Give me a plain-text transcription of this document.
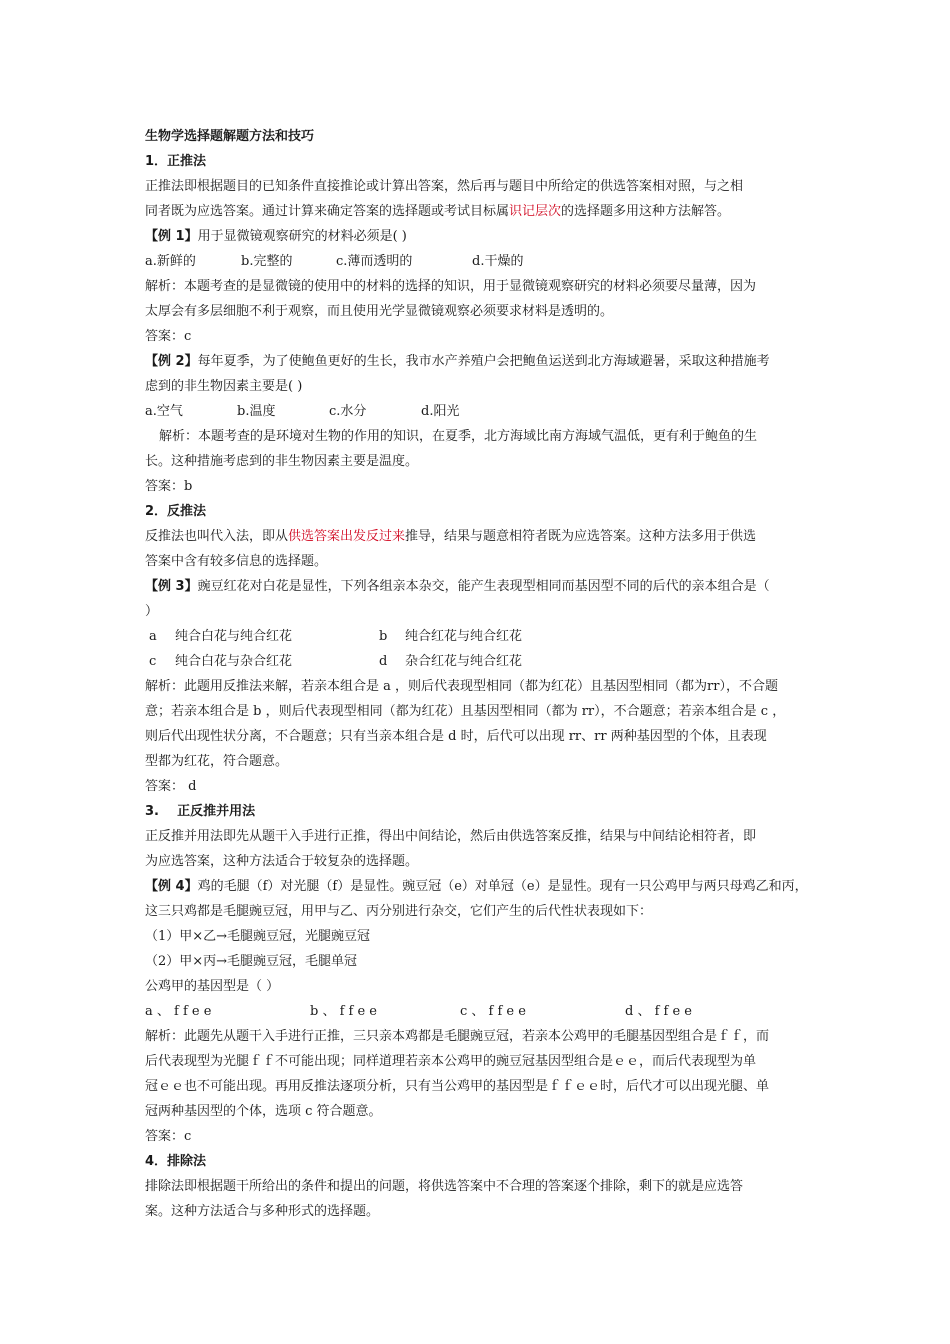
生物学选择题解题方法和技巧
1．正推法
正推法即根据题目的已知条件直接推论或计算出答案，然后再与题目中所给定的供选答案相对照，与之相
同者既为应选答案。通过计算来确定答案的选择题或考试目标属识记层次的选择题多用这种方法解答。
【例 1】用于显微镜观察研究的材料必须是( )
a.新鲜的	b.完整的	c.薄而透明的	d.干燥的
解析：本题考查的是显微镜的使用中的材料的选择的知识，用于显微镜观察研究的材料必须要尽量薄，因为
太厚会有多层细胞不利于观察，而且使用光学显微镜观察必须要求材料是透明的。
答案：c
【例 2】每年夏季，为了使鲍鱼更好的生长，我市水产养殖户会把鲍鱼运送到北方海域避暑，采取这种措施考
虑到的非生物因素主要是( )
a.空气	b.温度	c.水分	d.阳光
解析：本题考查的是环境对生物的作用的知识，在夏季，北方海域比南方海域气温低，更有利于鲍鱼的生
长。这种措施考虑到的非生物因素主要是温度。
答案：b
2．反推法
反推法也叫代入法，即从供选答案出发反过来推导，结果与题意相符者既为应选答案。这种方法多用于供选
答案中含有较多信息的选择题。
【例 3】豌豆红花对白花是显性，下列各组亲本杂交，能产生表现型相同而基因型不同的后代的亲本组合是（
）
a 纯合白花与纯合红花	b 纯合红花与纯合红花
c 纯合白花与杂合红花	d 杂合红花与纯合红花
解析：此题用反推法来解，若亲本组合是 a ，则后代表现型相同（都为红花）且基因型相同（都为rr），不合题
意；若亲本组合是 b ，则后代表现型相同（都为红花）且基因型相同（都为 rr），不合题意；若亲本组合是 c ，
则后代出现性状分离，不合题意；只有当亲本组合是 d 时，后代可以出现 rr、rr 两种基因型的个体，且表现
型都为红花，符合题意。
答案： d
3.    正反推并用法
正反推并用法即先从题干入手进行正推，得出中间结论，然后由供选答案反推，结果与中间结论相符者，即
为应选答案，这种方法适合于较复杂的选择题。
【例 4】鸡的毛腿（f）对光腿（f）是显性。豌豆冠（e）对单冠（e）是显性。现有一只公鸡甲与两只母鸡乙和丙，
这三只鸡都是毛腿豌豆冠，用甲与乙、丙分别进行杂交，它们产生的后代性状表现如下：
（1）甲×乙→毛腿豌豆冠，光腿豌豆冠
（2）甲×丙→毛腿豌豆冠，毛腿单冠
公鸡甲的基因型是（ ）
a 、 f f e e	b 、 f f e e	c 、 f f e e	d 、 f f e e
解析：此题先从题干入手进行正推，三只亲本鸡都是毛腿豌豆冠，若亲本公鸡甲的毛腿基因型组合是ｆｆ，而
后代表现型为光腿ｆｆ不可能出现；同样道理若亲本公鸡甲的豌豆冠基因型组合是ｅｅ，而后代表现型为单
冠ｅｅ也不可能出现。再用反推法逐项分析，只有当公鸡甲的基因型是ｆｆｅｅ时，后代才可以出现光腿、单
冠两种基因型的个体，选项 c 符合题意。
答案：c
4．排除法
排除法即根据题干所给出的条件和提出的问题，将供选答案中不合理的答案逐个排除，剩下的就是应选答
案。这种方法适合与多种形式的选择题。
